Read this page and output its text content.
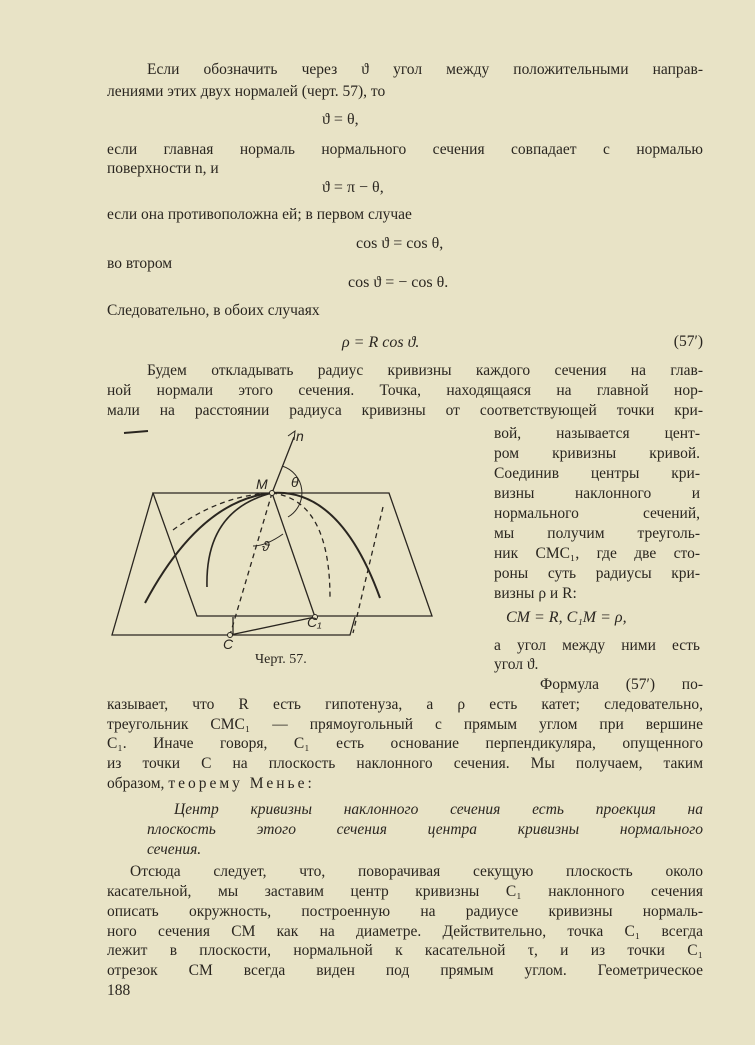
Если обозначить через ϑ угол между положительными направ-
лениями этих двух нормалей (черт. 57), то
ϑ = θ,
если главная нормаль нормального сечения совпадает с нормалью
поверхности n, и
ϑ = π − θ,
если она противоположна ей; в первом случае
cos ϑ = cos θ,
во втором
cos ϑ = − cos θ.
Следовательно, в обоих случаях
ρ = R cos ϑ.	(57′)
Будем откладывать радиус кривизны каждого сечения на глав-
ной нормали этого сечения. Точка, находящаяся на главной нор-
мали на расстоянии радиуса кривизны от соответствующей точки кри-
вой, называется цент-
ром кривизны кривой.
Соединив центры кри-
визны наклонного и
нормального сечений,
мы получим треуголь-
ник CMC₁, где две сто-
роны суть радиусы кри-
визны ρ и R:
CM = R, C₁M = ρ,
а угол между ними есть
угол ϑ.
Формула (57′) по-
n
M θ
ϑ
C
C₁
Черт. 57.
казывает, что R есть гипотенуза, а ρ есть катет; следовательно,
треугольник CMC₁ — прямоугольный с прямым углом при вершине
C₁. Иначе говоря, C₁ есть основание перпендикуляра, опущенного
из точки C на плоскость наклонного сечения. Мы получаем, таким
образом, теорему Менье:
Центр кривизны наклонного сечения есть проекция на
плоскость этого сечения центра кривизны нормального
сечения.
Отсюда следует, что, поворачивая секущую плоскость около
касательной, мы заставим центр кривизны C₁ наклонного сечения
описать окружность, построенную на радиусе кривизны нормаль-
ного сечения CM как на диаметре. Действительно, точка C₁ всегда
лежит в плоскости, нормальной к касательной τ, и из точки C₁
отрезок CM всегда виден под прямым углом. Геометрическое
188
